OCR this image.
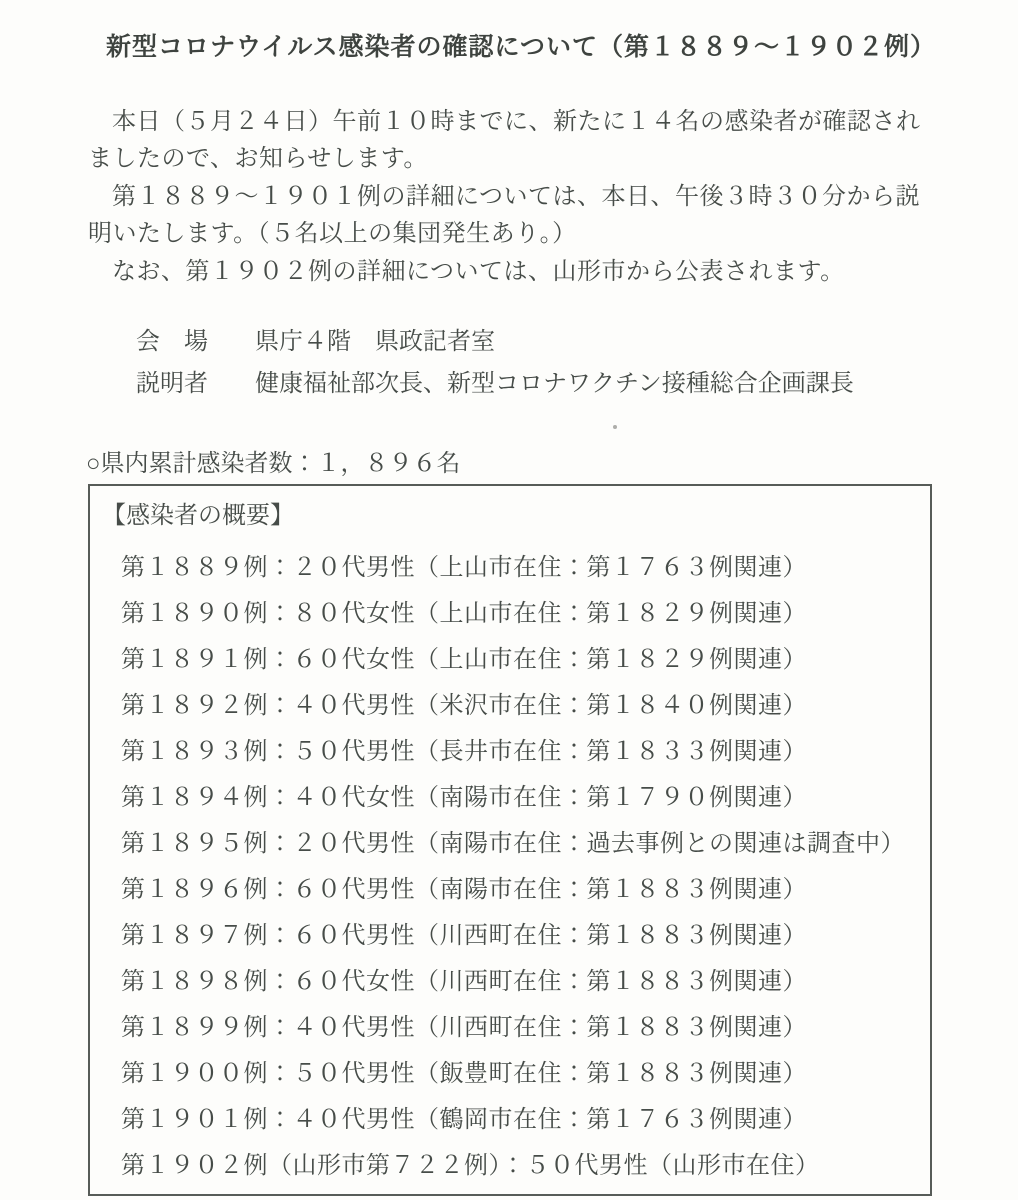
新型コロナウイルス感染者の確認について（第１８８９～１９０２例）

本日（５月２４日）午前１０時までに、新たに１４名の感染者が確認されましたので、お知らせします。

第１８８９～１９０１例の詳細については、本日、午後３時３０分から説明いたします。（５名以上の集団発生あり。）

なお、第１９０２例の詳細については、山形市から公表されます。

会　場	県庁４階　県政記者室
説明者	健康福祉部次長、新型コロナワクチン接種総合企画課長
○県内累計感染者数：１，８９６名
【感染者の概要】
第１８８９例：２０代男性（上山市在住：第１７６３例関連）
第１８９０例：８０代女性（上山市在住：第１８２９例関連）
第１８９１例：６０代女性（上山市在住：第１８２９例関連）
第１８９２例：４０代男性（米沢市在住：第１８４０例関連）
第１８９３例：５０代男性（長井市在住：第１８３３例関連）
第１８９４例：４０代女性（南陽市在住：第１７９０例関連）
第１８９５例：２０代男性（南陽市在住：過去事例との関連は調査中）
第１８９６例：６０代男性（南陽市在住：第１８８３例関連）
第１８９７例：６０代男性（川西町在住：第１８８３例関連）
第１８９８例：６０代女性（川西町在住：第１８８３例関連）
第１８９９例：４０代男性（川西町在住：第１８８３例関連）
第１９００例：５０代男性（飯豊町在住：第１８８３例関連）
第１９０１例：４０代男性（鶴岡市在住：第１７６３例関連）
第１９０２例（山形市第７２２例）：５０代男性（山形市在住）
